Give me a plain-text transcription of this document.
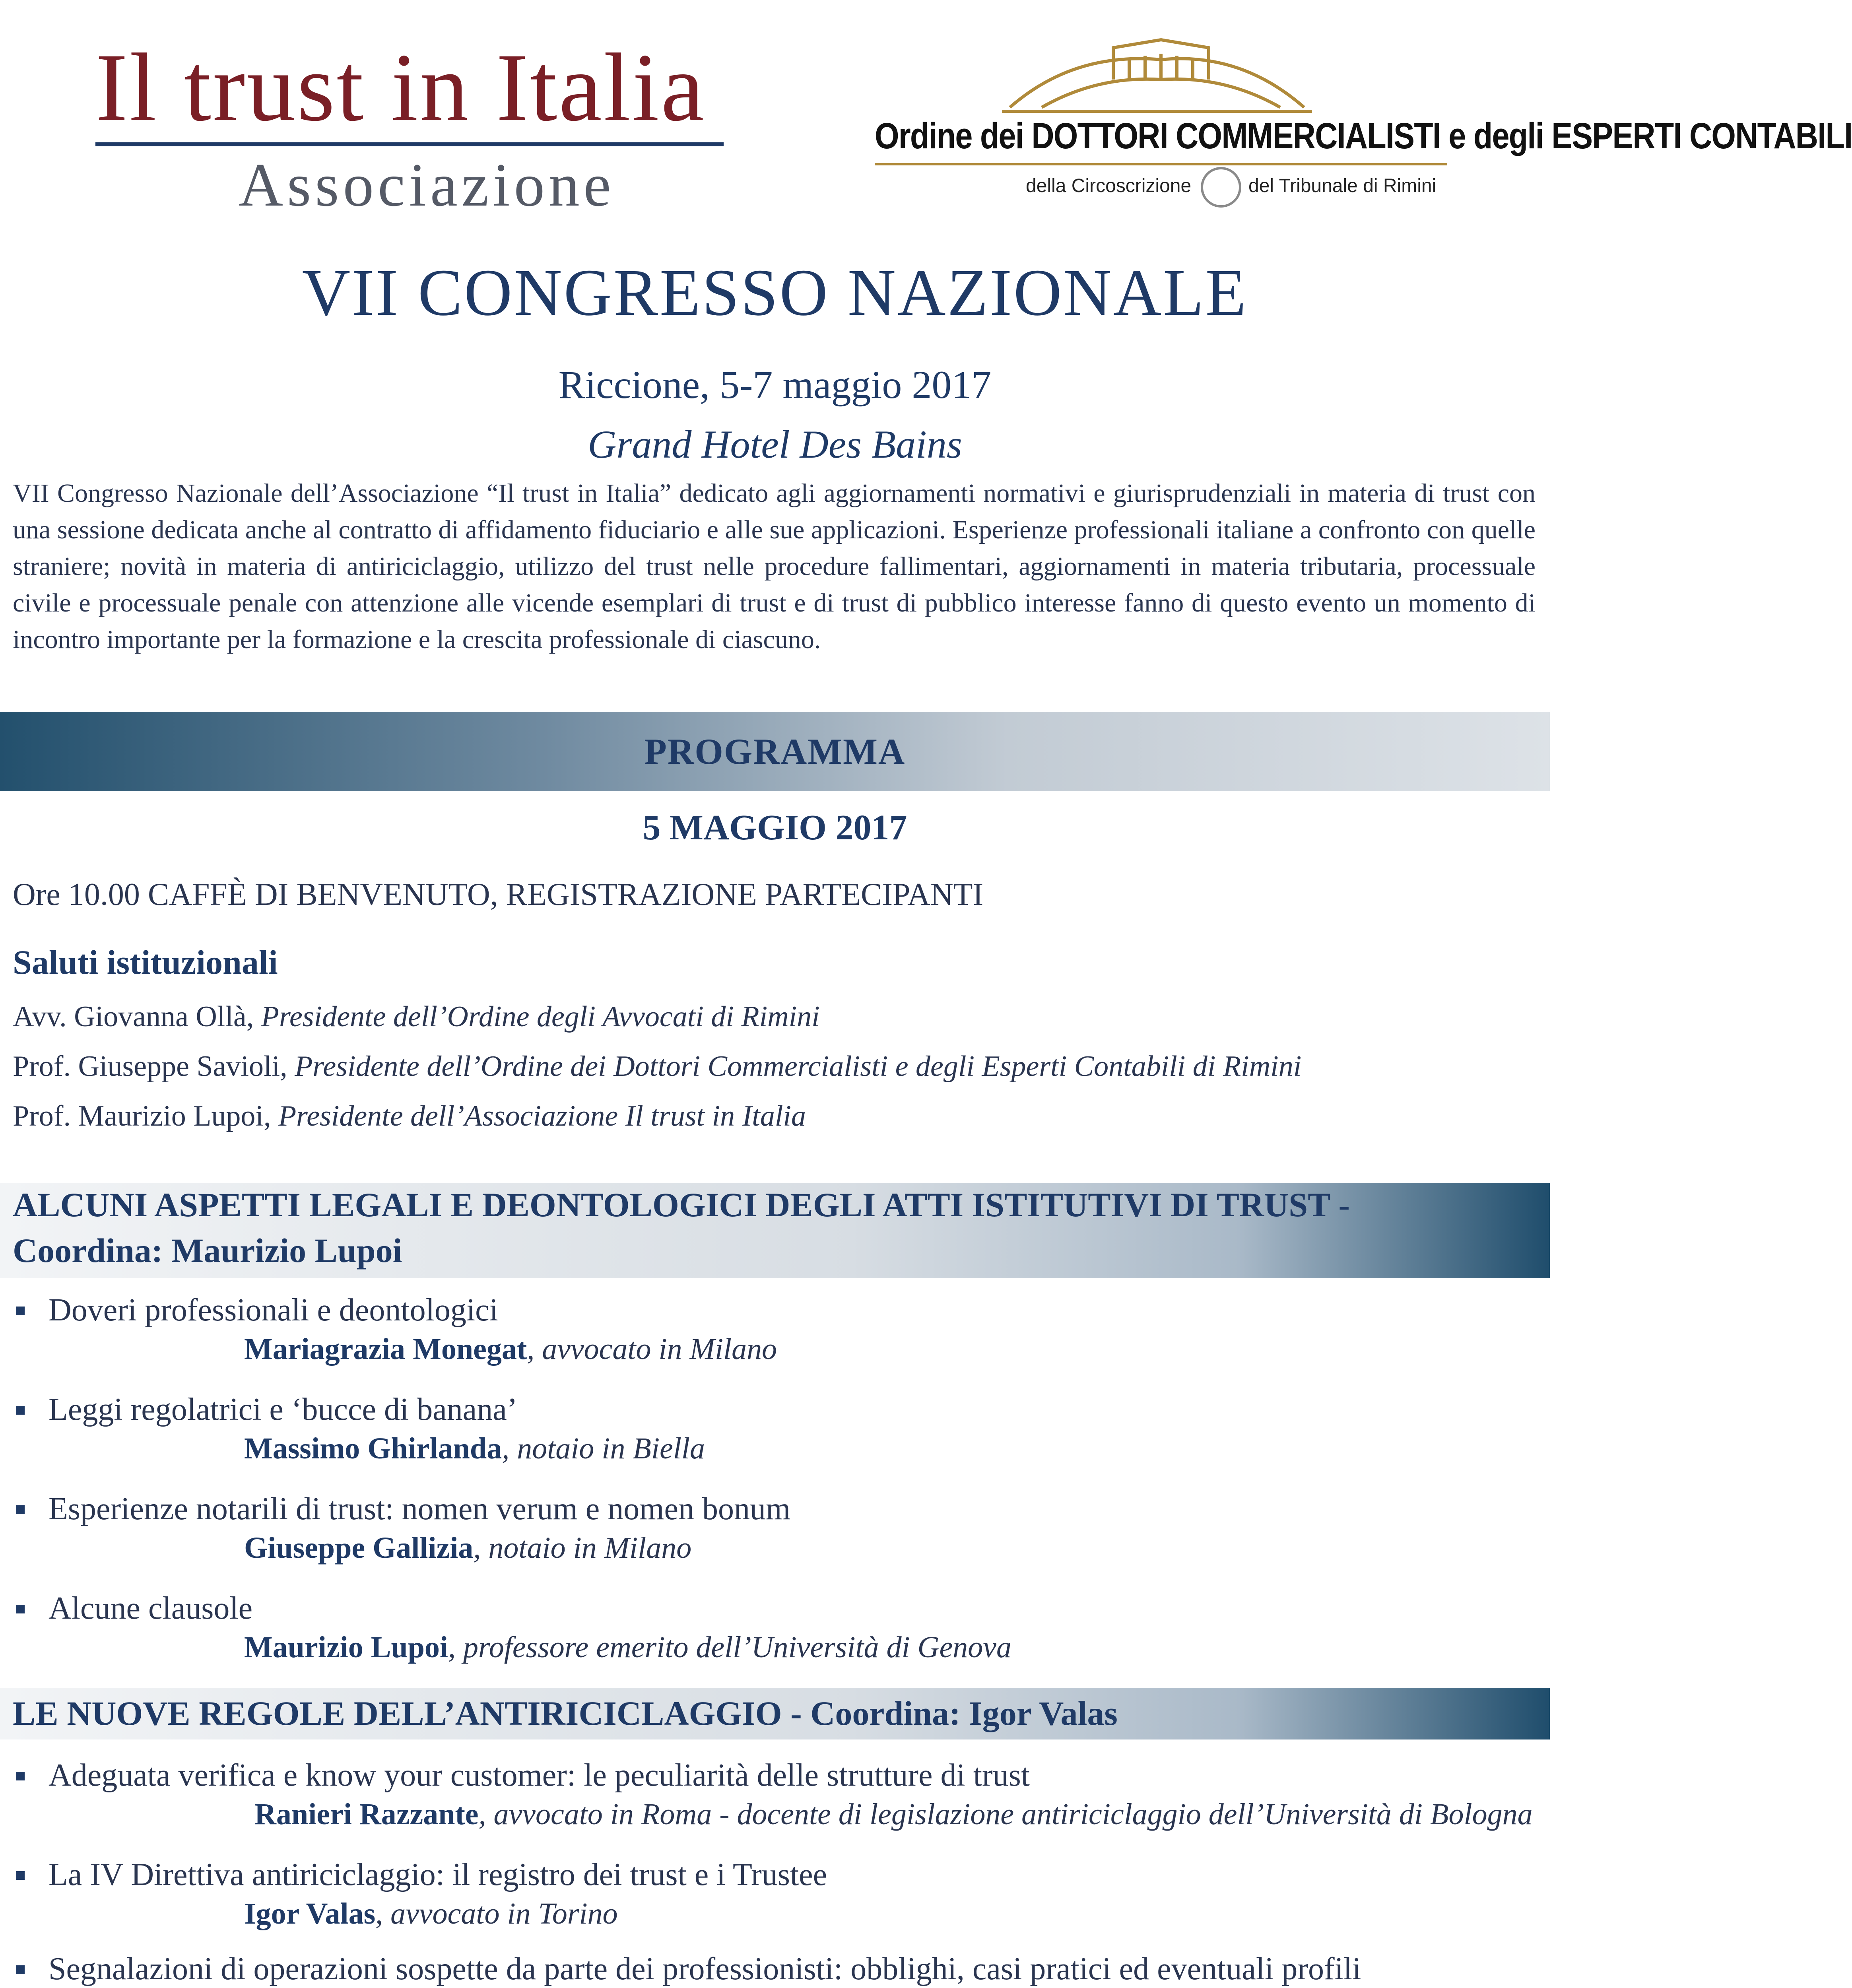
Il trust in Italia
Associazione
Ordine dei DOTTORI COMMERCIALISTI e degli ESPERTI CONTABILI
della Circoscrizione	del Tribunale di Rimini
VII CONGRESSO NAZIONALE
Riccione, 5-7 maggio 2017
Grand Hotel Des Bains
VII Congresso Nazionale dell’Associazione “Il trust in Italia” dedicato agli aggiornamenti normativi e giurisprudenziali in materia di trust con una sessione dedicata anche al contratto di affidamento fiduciario e alle sue applicazioni. Esperienze professionali italiane a confronto con quelle straniere; novità in materia di antiriciclaggio, utilizzo del trust nelle procedure fallimentari, aggiornamenti in materia tributaria, processuale civile e processuale penale con attenzione alle vicende esemplari di trust e di trust di pubblico interesse fanno di questo evento un momento di incontro importante per la formazione e la crescita professionale di ciascuno.
PROGRAMMA
5 MAGGIO 2017
Ore 10.00 CAFFÈ DI BENVENUTO, REGISTRAZIONE PARTECIPANTI
Saluti istituzionali
Avv. Giovanna Ollà, Presidente dell’Ordine degli Avvocati di Rimini
Prof. Giuseppe Savioli, Presidente dell’Ordine dei Dottori Commercialisti e degli Esperti Contabili di Rimini
Prof. Maurizio Lupoi, Presidente dell’Associazione Il trust in Italia
ALCUNI ASPETTI LEGALI E DEONTOLOGICI DEGLI ATTI ISTITUTIVI DI TRUST -
Coordina: Maurizio Lupoi
Doveri professionali e deontologici
Mariagrazia Monegat, avvocato in Milano
Leggi regolatrici e ‘bucce di banana’
Massimo Ghirlanda, notaio in Biella
Esperienze notarili di trust: nomen verum e nomen bonum
Giuseppe Gallizia, notaio in Milano
Alcune clausole
Maurizio Lupoi, professore emerito dell’Università di Genova
LE NUOVE REGOLE DELL’ANTIRICICLAGGIO - Coordina: Igor Valas
Adeguata verifica e know your customer: le peculiarità delle strutture di trust
Ranieri Razzante, avvocato in Roma - docente di legislazione antiriciclaggio dell’Università di Bologna
La IV Direttiva antiriciclaggio: il registro dei trust e i Trustee
Igor Valas, avvocato in Torino
Segnalazioni di operazioni sospette da parte dei professionisti: obblighi, casi pratici ed eventuali profili
